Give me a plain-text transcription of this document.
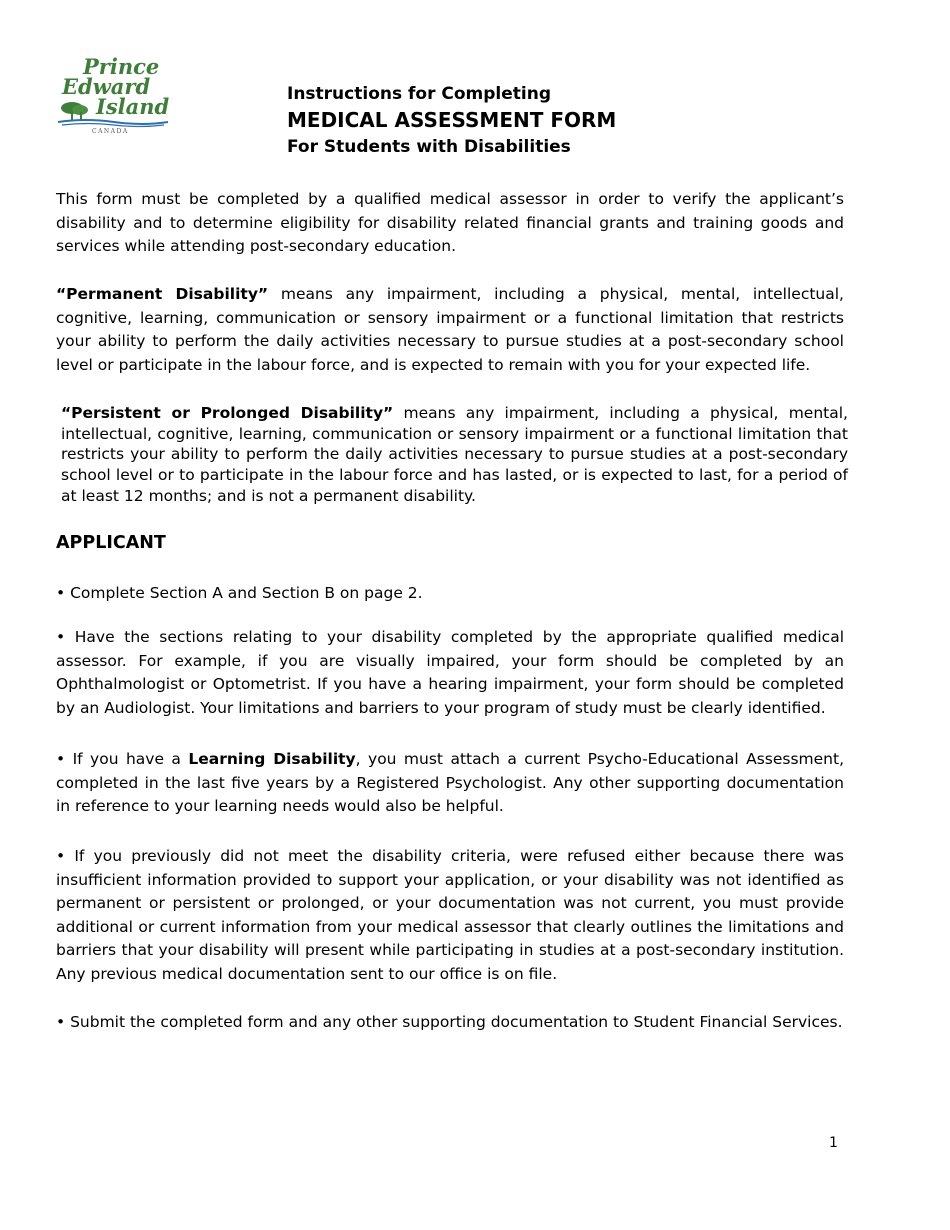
Prince
Edward
Island
CANADA
Instructions for Completing
MEDICAL ASSESSMENT FORM
For Students with Disabilities

This form must be completed by a qualified medical assessor in order to verify the applicant’s disability and to determine eligibility for disability related financial grants and training goods and services while attending post-secondary education.

“Permanent Disability” means any impairment, including a physical, mental, intellectual, cognitive, learning, communication or sensory impairment or a functional limitation that restricts your ability to perform the daily activities necessary to pursue studies at a post-secondary school level or participate in the labour force, and is expected to remain with you for your expected life.

“Persistent or Prolonged Disability” means any impairment, including a physical, mental, intellectual, cognitive, learning, communication or sensory impairment or a functional limitation that restricts your ability to perform the daily activities necessary to pursue studies at a post-secondary school level or to participate in the labour force and has lasted, or is expected to last, for a period of at least 12 months; and is not a permanent disability.

APPLICANT

• Complete Section A and Section B on page 2.

• Have the sections relating to your disability completed by the appropriate qualified medical assessor. For example, if you are visually impaired, your form should be completed by an Ophthalmologist or Optometrist. If you have a hearing impairment, your form should be completed by an Audiologist. Your limitations and barriers to your program of study must be clearly identified.

• If you have a Learning Disability, you must attach a current Psycho-Educational Assessment, completed in the last five years by a Registered Psychologist. Any other supporting documentation in reference to your learning needs would also be helpful.

• If you previously did not meet the disability criteria, were refused either because there was insufficient information provided to support your application, or your disability was not identified as permanent or persistent or prolonged, or your documentation was not current, you must provide additional or current information from your medical assessor that clearly outlines the limitations and barriers that your disability will present while participating in studies at a post-secondary institution. Any previous medical documentation sent to our office is on file.

• Submit the completed form and any other supporting documentation to Student Financial Services.

1
